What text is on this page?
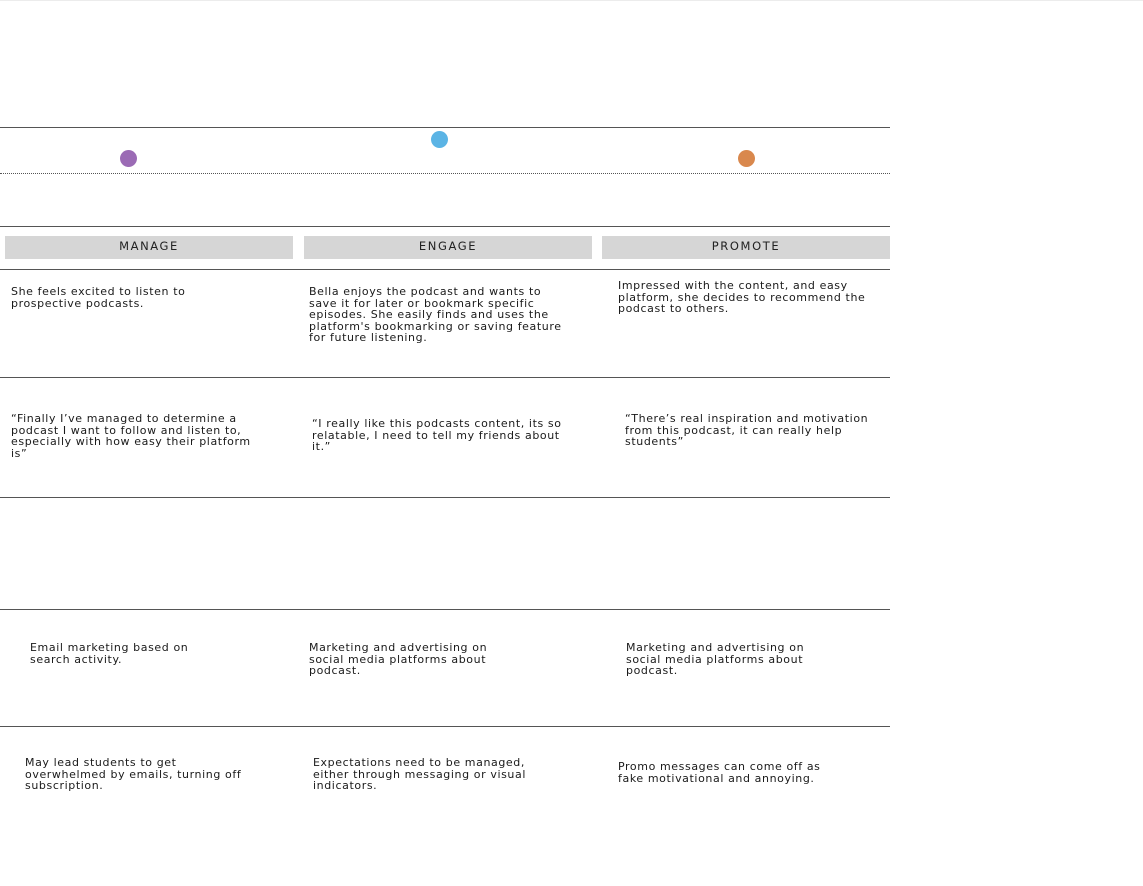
MANAGE	ENGAGE	PROMOTE
She feels excited to listen to prospective podcasts.
Bella enjoys the podcast and wants to save it for later or bookmark specific episodes. She easily finds and uses the platform's bookmarking or saving feature for future listening.
Impressed with the content, and easy platform, she decides to recommend the podcast to others.
“Finally I’ve managed to determine a podcast I want to follow and listen to, especially with how easy their platform is”
“I really like this podcasts content, its so relatable, I need to tell my friends about it.”
“There’s real inspiration and motivation from this podcast, it can really help students”
Email marketing based on search activity.
Marketing and advertising on social media platforms about podcast.
Marketing and advertising on social media platforms about podcast.
May lead students to get overwhelmed by emails, turning off subscription.
Expectations need to be managed, either through messaging or visual indicators.
Promo messages can come off as fake motivational and annoying.
